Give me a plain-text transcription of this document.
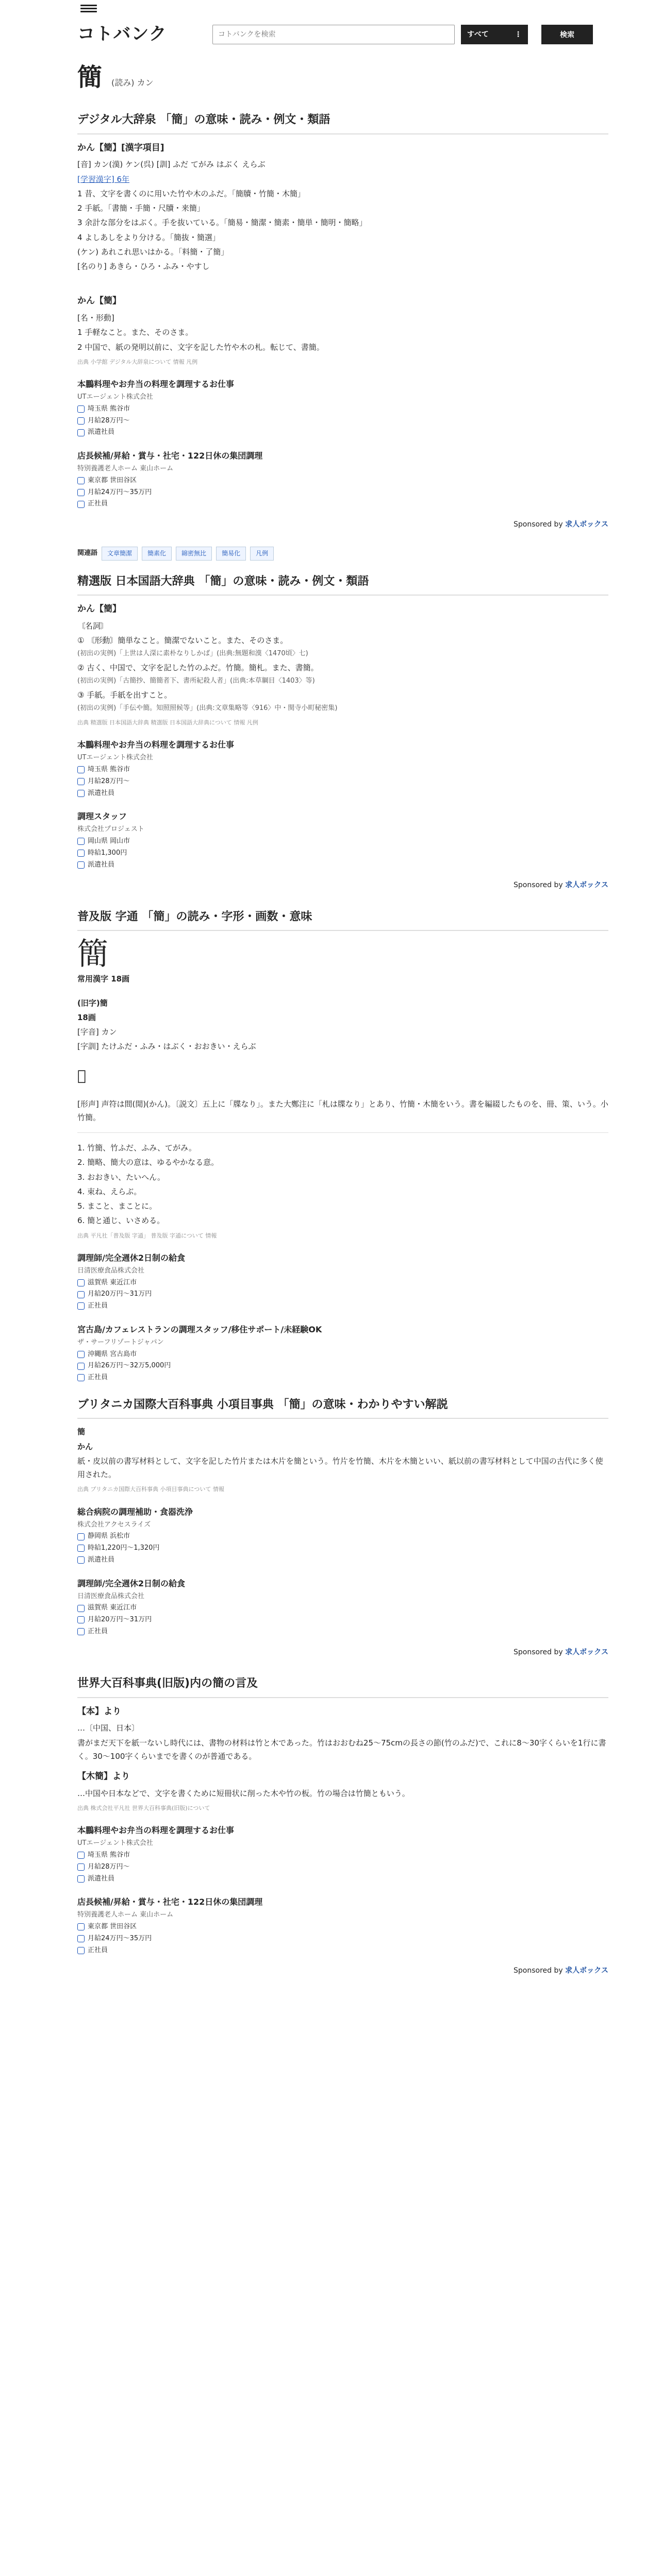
コトバンク
コトバンクを検索	すべて	⋮	検索
簡 (読み) カン
デジタル大辞泉 「簡」の意味・読み・例文・類語
かん【簡】[漢字項目]
[音] カン(漢) ケン(呉) [訓] ふだ てがみ はぶく えらぶ
[学習漢字] 6年
1 昔、文字を書くのに用いた竹や木のふだ。「簡牘・竹簡・木簡」
2 手紙。「書簡・手簡・尺牘・来簡」
3 余計な部分をはぶく。手を抜いている。「簡易・簡潔・簡素・簡単・簡明・簡略」
4 よしあしをより分ける。「簡抜・簡選」
(ケン) あれこれ思いはかる。「料簡・了簡」
[名のり] あきら・ひろ・ふみ・やすし
かん【簡】
[名・形動]
1 手軽なこと。また、そのさま。
2 中国で、紙の発明以前に、文字を記した竹や木の札。転じて、書簡。
出典 小学館 デジタル大辞泉について 情報 凡例
本鵬料理やお弁当の料理を調理するお仕事
UTエージェント株式会社
埼玉県 熊谷市
月給28万円〜
派遣社員
店長候補/昇給・賞与・社宅・122日休の集団調理
特別養護老人ホーム 東山ホーム
東京都 世田谷区
月給24万円〜35万円
正社員
Sponsored by 求人ボックス
関連語	文章簡潔	簡素化	綿密無比	簡易化	凡例
精選版 日本国語大辞典 「簡」の意味・読み・例文・類語
かん【簡】
〘名詞〙
① 〘形動〙簡単なこと。簡潔でないこと。また、そのさま。
(初出の実例)「上世は人深に素朴なりしかば」(出典:無題和漢〈1470頃〉七)
② 古く、中国で、文字を記した竹のふだ。竹簡。簡札。また、書簡。
(初出の実例)「古簡抄、簡簡者下、書所紀殺人者」(出典:本草綱目〈1403〉等)
③ 手紙。手紙を出すこと。
(初出の実例)「手伝や簡。知照照候等」(出典:文章集略等〈916〉中・関寺小町秘密集)
出典 精選版 日本国語大辞典 精選版 日本国語大辞典について 情報 凡例
本鵬料理やお弁当の料理を調理するお仕事
UTエージェント株式会社
埼玉県 熊谷市
月給28万円〜
派遣社員
調理スタッフ
株式会社プロジェスト
岡山県 岡山市
時給1,300円
派遣社員
Sponsored by 求人ボックス
普及版 字通 「簡」の読み・字形・画数・意味
簡
常用漢字 18画
(旧字)簡
18画
[字音] カン
[字訓] たけふだ・ふみ・はぶく・おおきい・えらぶ
𥮅
[形声] 声符は間(閒)(かん)。〔説文〕五上に「牒なり」。また大鄭注に「札は牒なり」とあり、竹簡・木簡をいう。書を編綴したものを、冊、策、いう。小竹簡。
1. 竹簡、竹ふだ、ふみ、てがみ。
2. 簡略、簡大の意は、ゆるやかなる意。
3. おおきい、たいへん。
4. 束ね、えらぶ。
5. まこと、まことに。
6. 簡と通じ、いさめる。
出典 平凡社「普及版 字通」 普及版 字通について 情報
調理師/完全週休2日制の給食
日清医療食品株式会社
滋賀県 東近江市
月給20万円〜31万円
正社員
宮古島/カフェレストランの調理スタッフ/移住サポート/未経験OK
ザ・サーフリゾートジャパン
沖縄県 宮古島市
月給26万円〜32万5,000円
正社員
ブリタニカ国際大百科事典 小項目事典 「簡」の意味・わかりやすい解説
簡
かん
紙・皮以前の書写材料として、文字を記した竹片または木片を簡という。竹片を竹簡、木片を木簡といい、紙以前の書写材料として中国の古代に多く使用された。
出典 ブリタニカ国際大百科事典 小項目事典について 情報
総合病院の調理補助・食器洗浄
株式会社アクセスライズ
静岡県 浜松市
時給1,220円〜1,320円
派遣社員
調理師/完全週休2日制の給食
日清医療食品株式会社
滋賀県 東近江市
月給20万円〜31万円
正社員
Sponsored by 求人ボックス
世界大百科事典(旧版)内の簡の言及
【本】より
…〔中国、日本〕
書がまだ天下を紙一ないし時代には、書物の材料は竹と木であった。竹はおおむね25〜75cmの長さの節(竹のふだ)で、これに8〜30字くらいを1行に書く。30〜100字くらいまでを書くのが普通である。
【木簡】より
…中国や日本などで、文字を書くために短冊状に削った木や竹の板。竹の場合は竹簡ともいう。
出典 株式会社平凡社 世界大百科事典(旧版)について
本鵬料理やお弁当の料理を調理するお仕事
UTエージェント株式会社
埼玉県 熊谷市
月給28万円〜
派遣社員
店長候補/昇給・賞与・社宅・122日休の集団調理
特別養護老人ホーム 東山ホーム
東京都 世田谷区
月給24万円〜35万円
正社員
Sponsored by 求人ボックス
